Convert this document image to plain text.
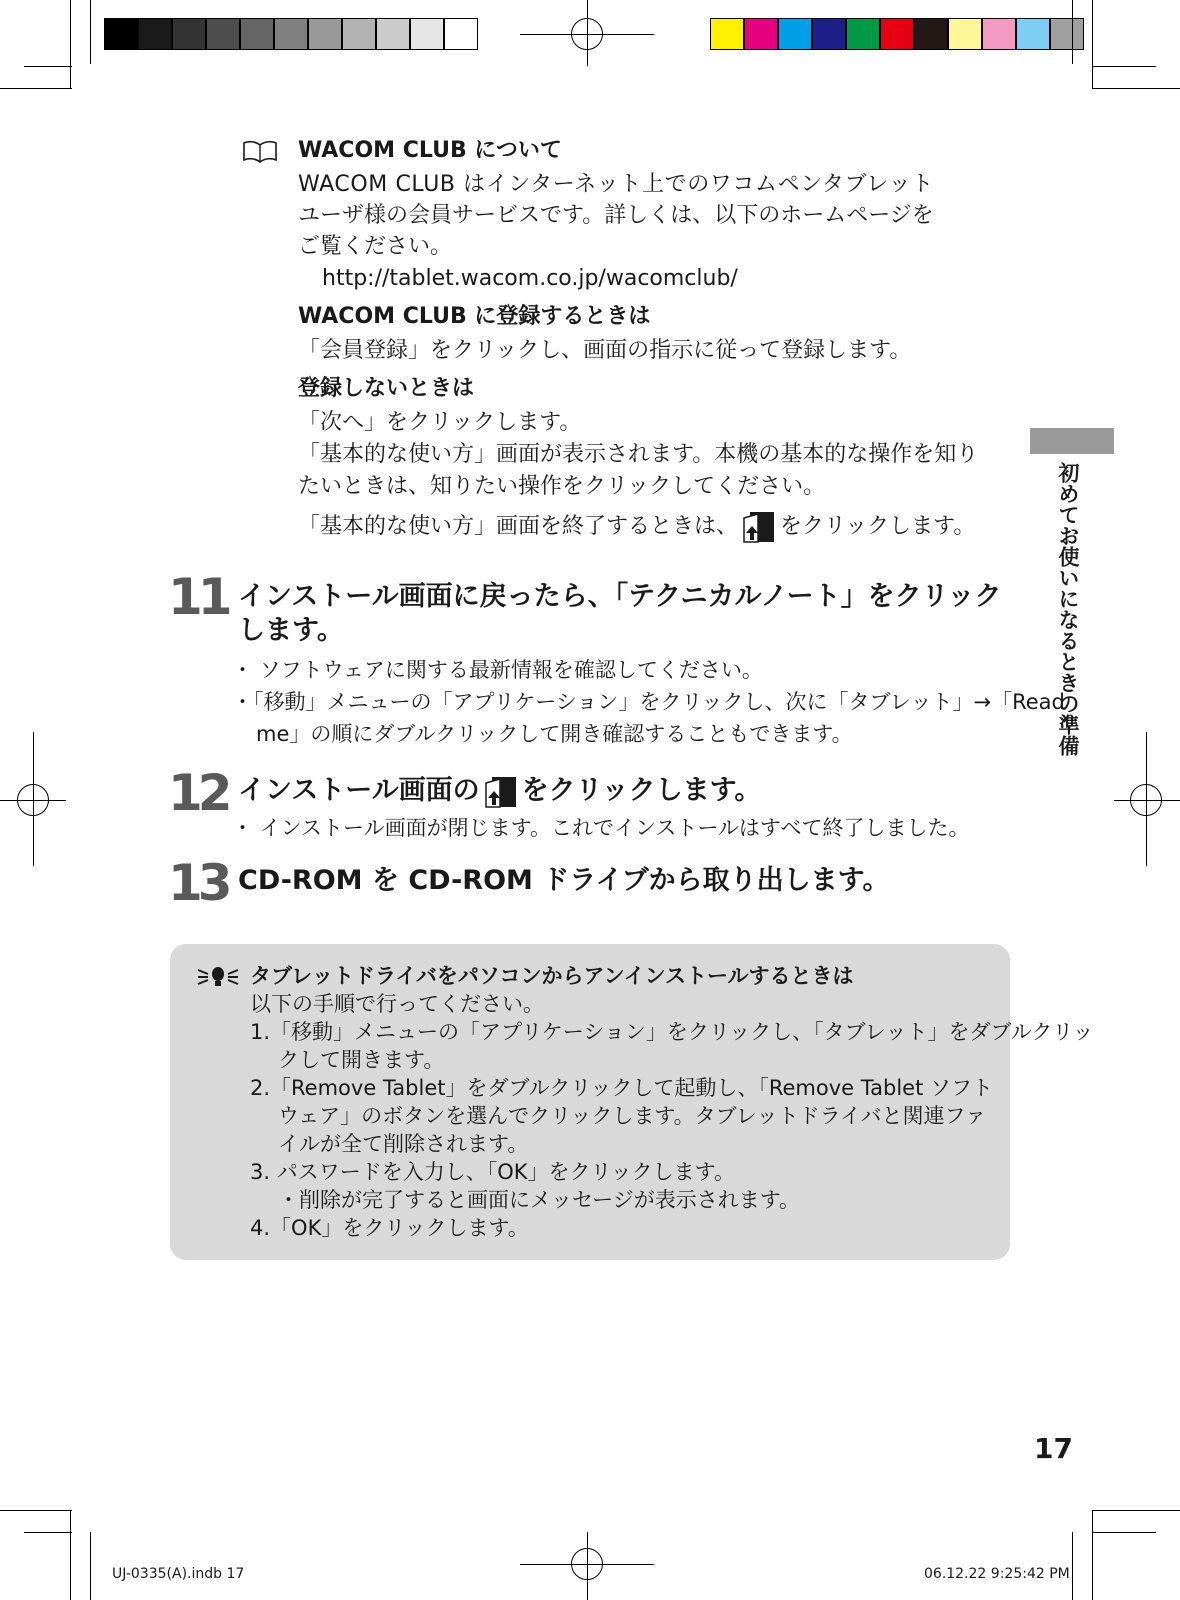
WACOM CLUB について
WACOM CLUB はインターネット上でのワコムペンタブレット
ユーザ様の会員サービスです。詳しくは、以下のホームページを
ご覧ください。
http://tablet.wacom.co.jp/wacomclub/
WACOM CLUB に登録するときは
「会員登録」をクリックし、画面の指示に従って登録します。
登録しないときは
「次へ」をクリックします。
「基本的な使い方」画面が表示されます。本機の基本的な操作を知り
たいときは、知りたい操作をクリックしてください。
「基本的な使い方」画面を終了するときは、 をクリックします。
11 インストール画面に戻ったら、「テクニカルノート」をクリック
します。
・ ソフトウェアに関する最新情報を確認してください。
・「移動」メニューの「アプリケーション」をクリックし、次に「タブレット」→「Read
me」の順にダブルクリックして開き確認することもできます。
12 インストール画面の をクリックします。
・ インストール画面が閉じます。これでインストールはすべて終了しました。
13 CD-ROM を CD-ROM ドライブから取り出します。
タブレットドライバをパソコンからアンインストールするときは
以下の手順で行ってください。
1.「移動」メニューの「アプリケーション」をクリックし、「タブレット」をダブルクリッ
クして開きます。
2.「Remove Tablet」をダブルクリックして起動し、「Remove Tablet ソフト
ウェア」のボタンを選んでクリックします。タブレットドライバと関連ファ
イルが全て削除されます。
3. パスワードを入力し、「OK」をクリックします。
・削除が完了すると画面にメッセージが表示されます。
4.「OK」をクリックします。
初めてお使いになるときの準備
17
UJ-0335(A).indb 17	06.12.22 9:25:42 PM
